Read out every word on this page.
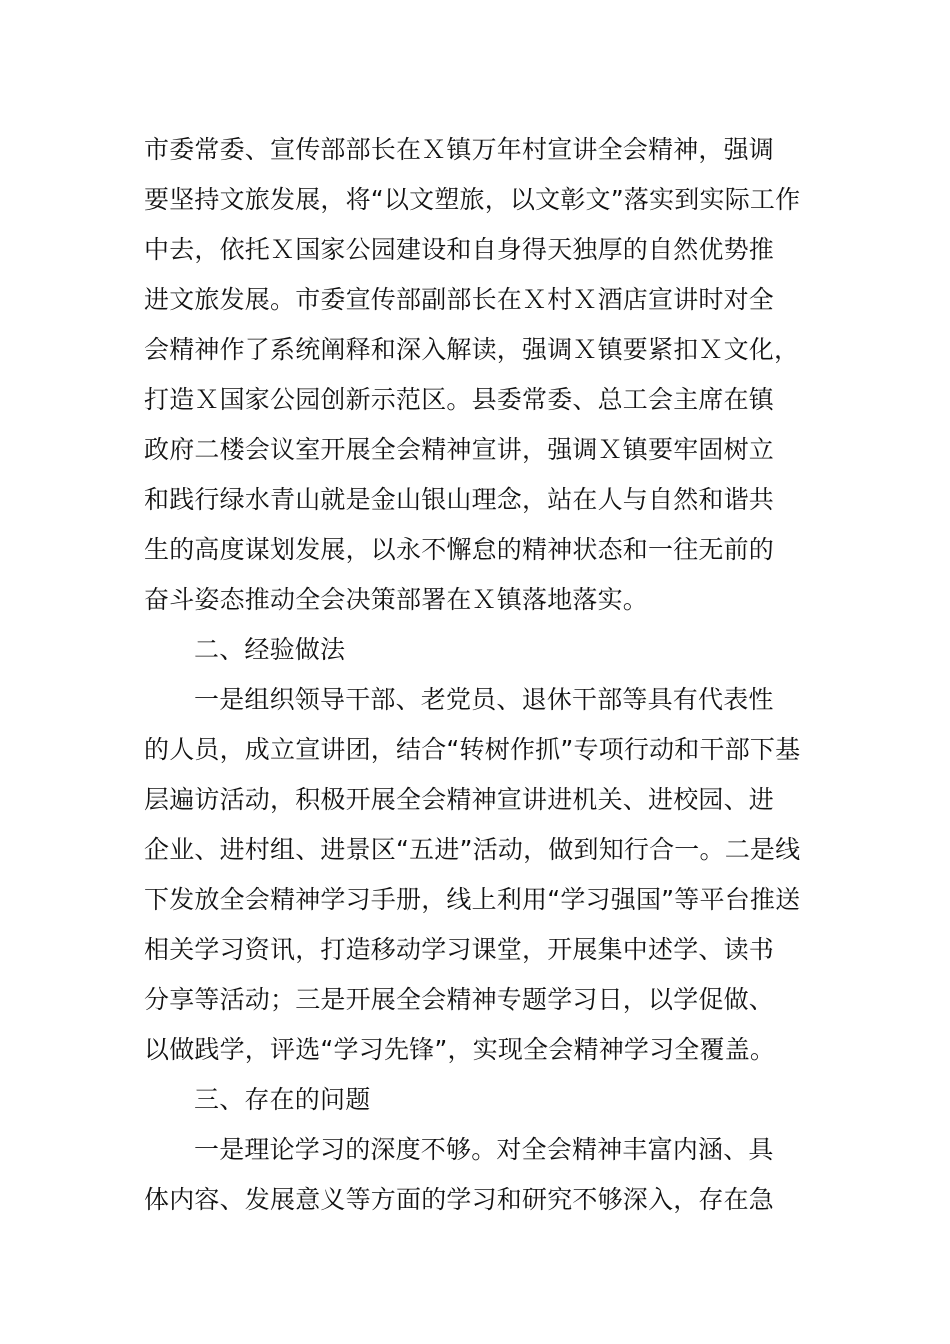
市委常委、宣传部部长在Ｘ镇万年村宣讲全会精神，强调
要坚持文旅发展，将“以文塑旅，以文彰文”落实到实际工作
中去，依托Ｘ国家公园建设和自身得天独厚的自然优势推
进文旅发展。市委宣传部副部长在Ｘ村Ｘ酒店宣讲时对全
会精神作了系统阐释和深入解读，强调Ｘ镇要紧扣Ｘ文化，
打造Ｘ国家公园创新示范区。县委常委、总工会主席在镇
政府二楼会议室开展全会精神宣讲，强调Ｘ镇要牢固树立
和践行绿水青山就是金山银山理念，站在人与自然和谐共
生的高度谋划发展，以永不懈怠的精神状态和一往无前的
奋斗姿态推动全会决策部署在Ｘ镇落地落实。
二、经验做法
一是组织领导干部、老党员、退休干部等具有代表性
的人员，成立宣讲团，结合“转树作抓”专项行动和干部下基
层遍访活动，积极开展全会精神宣讲进机关、进校园、进
企业、进村组、进景区“五进”活动，做到知行合一。二是线
下发放全会精神学习手册，线上利用“学习强国”等平台推送
相关学习资讯，打造移动学习课堂，开展集中述学、读书
分享等活动；三是开展全会精神专题学习日，以学促做、
以做践学，评选“学习先锋”，实现全会精神学习全覆盖。
三、存在的问题
一是理论学习的深度不够。对全会精神丰富内涵、具
体内容、发展意义等方面的学习和研究不够深入，存在急
